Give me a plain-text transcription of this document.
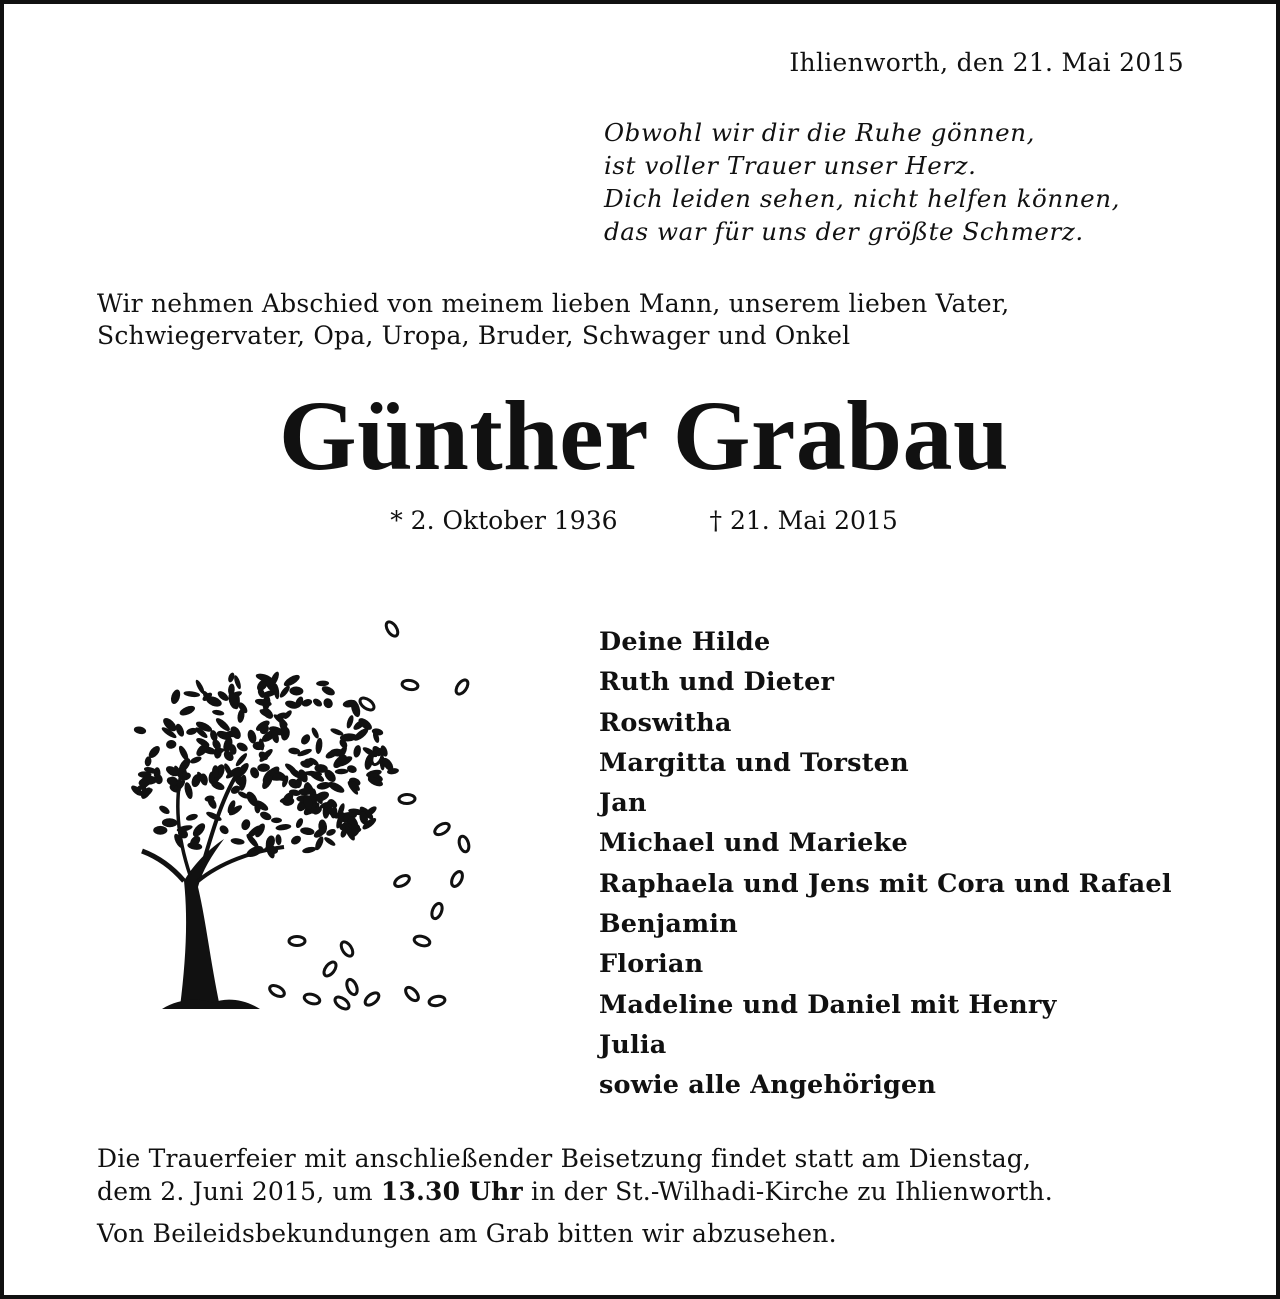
Ihlienworth, den 21. Mai 2015
Obwohl wir dir die Ruhe gönnen,
ist voller Trauer unser Herz.
Dich leiden sehen, nicht helfen können,
das war für uns der größte Schmerz.
Wir nehmen Abschied von meinem lieben Mann, unserem lieben Vater,
Schwiegervater, Opa, Uropa, Bruder, Schwager und Onkel
Günther Grabau
* 2. Oktober 1936	† 21. Mai 2015
Deine Hilde
Ruth und Dieter
Roswitha
Margitta und Torsten
Jan
Michael und Marieke
Raphaela und Jens mit Cora und Rafael
Benjamin
Florian
Madeline und Daniel mit Henry
Julia
sowie alle Angehörigen
Die Trauerfeier mit anschließender Beisetzung findet statt am Dienstag,
dem 2. Juni 2015, um 13.30 Uhr in der St.-Wilhadi-Kirche zu Ihlienworth.
Von Beileidsbekundungen am Grab bitten wir abzusehen.
